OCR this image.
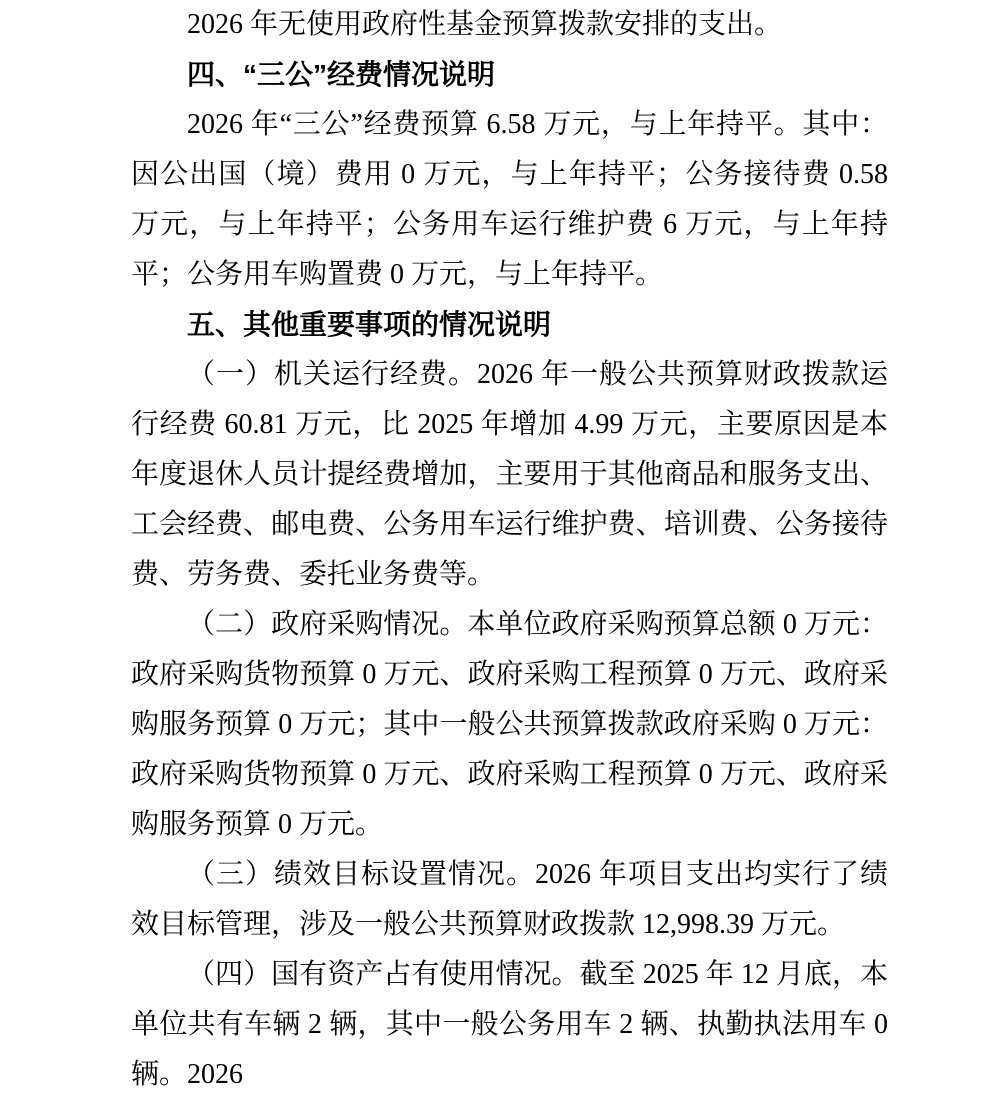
2026 年无使用政府性基金预算拨款安排的支出。

四、“三公”经费情况说明

2026 年“三公”经费预算 6.58 万元，与上年持平。其中：因公出国（境）费用 0 万元，与上年持平；公务接待费 0.58 万元，与上年持平；公务用车运行维护费 6 万元，与上年持平；公务用车购置费 0 万元，与上年持平。

五、其他重要事项的情况说明

（一）机关运行经费。2026 年一般公共预算财政拨款运行经费 60.81 万元，比 2025 年增加 4.99 万元，主要原因是本年度退休人员计提经费增加，主要用于其他商品和服务支出、工会经费、邮电费、公务用车运行维护费、培训费、公务接待费、劳务费、委托业务费等。

（二）政府采购情况。本单位政府采购预算总额 0 万元：政府采购货物预算 0 万元、政府采购工程预算 0 万元、政府采购服务预算 0 万元；其中一般公共预算拨款政府采购 0 万元：政府采购货物预算 0 万元、政府采购工程预算 0 万元、政府采购服务预算 0 万元。

（三）绩效目标设置情况。2026 年项目支出均实行了绩效目标管理，涉及一般公共预算财政拨款 12,998.39 万元。

（四）国有资产占有使用情况。截至 2025 年 12 月底，本单位共有车辆 2 辆，其中一般公务用车 2 辆、执勤执法用车 0 辆。2026
